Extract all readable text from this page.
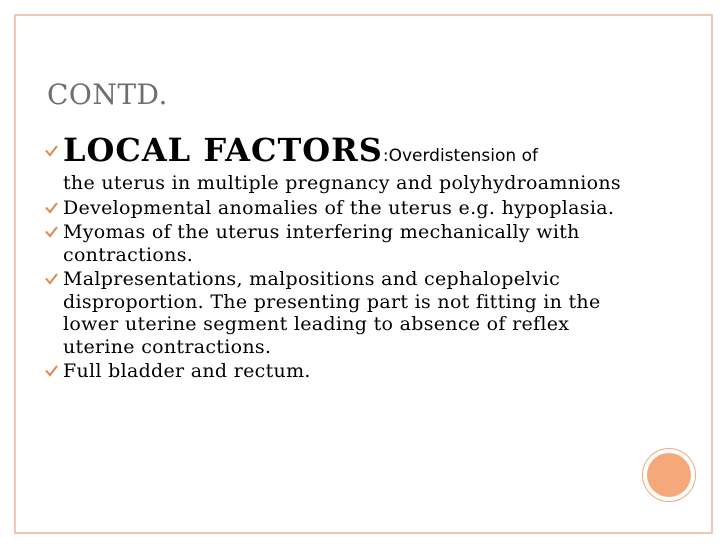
CONTD.
LOCAL FACTORS:Overdistension of
the uterus in multiple pregnancy and polyhydroamnions
Developmental anomalies of the uterus e.g. hypoplasia.
Myomas of the uterus interfering mechanically with contractions.
Malpresentations, malpositions and cephalopelvic disproportion. The presenting part is not fitting in the lower uterine segment leading to absence of reflex uterine contractions.
Full bladder and rectum.
